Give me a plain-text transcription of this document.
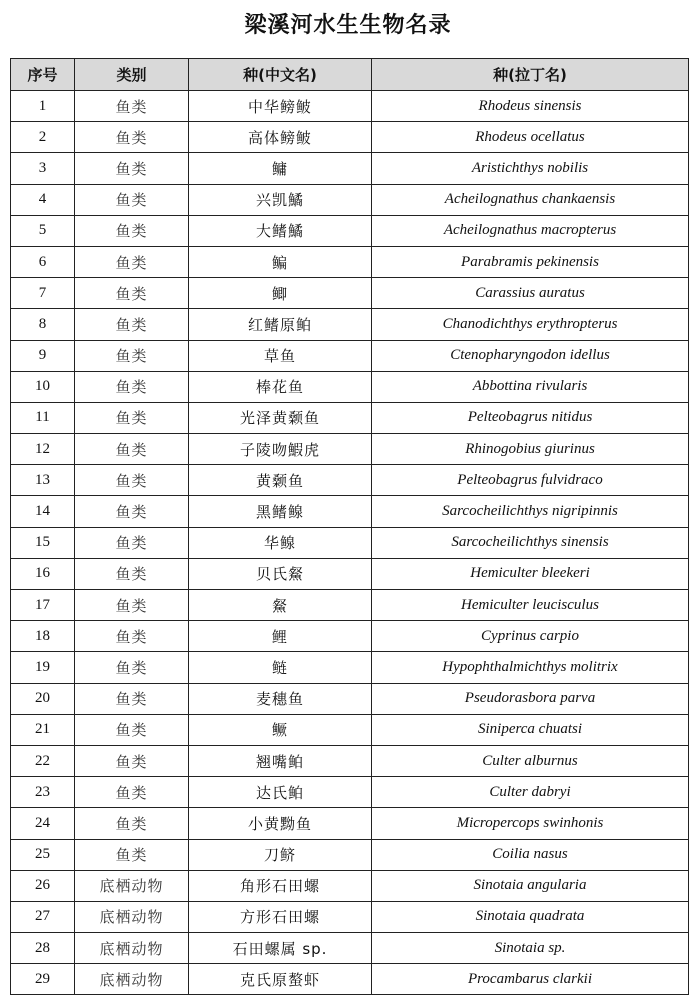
梁溪河水生生物名录
序号	类别	种(中文名)	种(拉丁名)
1	鱼类	中华鳑鲏	Rhodeus sinensis
2	鱼类	高体鳑鲏	Rhodeus ocellatus
3	鱼类	鳙	Aristichthys nobilis
4	鱼类	兴凯鱊	Acheilognathus chankaensis
5	鱼类	大鳍鱊	Acheilognathus macropterus
6	鱼类	鳊	Parabramis pekinensis
7	鱼类	鲫	Carassius auratus
8	鱼类	红鳍原鲌	Chanodichthys erythropterus
9	鱼类	草鱼	Ctenopharyngodon idellus
10	鱼类	棒花鱼	Abbottina rivularis
11	鱼类	光泽黄颡鱼	Pelteobagrus nitidus
12	鱼类	子陵吻鰕虎	Rhinogobius giurinus
13	鱼类	黄颡鱼	Pelteobagrus fulvidraco
14	鱼类	黑鳍鳈	Sarcocheilichthys nigripinnis
15	鱼类	华鳈	Sarcocheilichthys sinensis
16	鱼类	贝氏䱗	Hemiculter bleekeri
17	鱼类	䱗	Hemiculter leucisculus
18	鱼类	鲤	Cyprinus carpio
19	鱼类	鲢	Hypophthalmichthys molitrix
20	鱼类	麦穗鱼	Pseudorasbora parva
21	鱼类	鳜	Siniperca chuatsi
22	鱼类	翘嘴鲌	Culter alburnus
23	鱼类	达氏鲌	Culter dabryi
24	鱼类	小黄黝鱼	Micropercops swinhonis
25	鱼类	刀鲚	Coilia nasus
26	底栖动物	角形石田螺	Sinotaia angularia
27	底栖动物	方形石田螺	Sinotaia quadrata
28	底栖动物	石田螺属 sp.	Sinotaia sp.
29	底栖动物	克氏原螯虾	Procambarus clarkii
